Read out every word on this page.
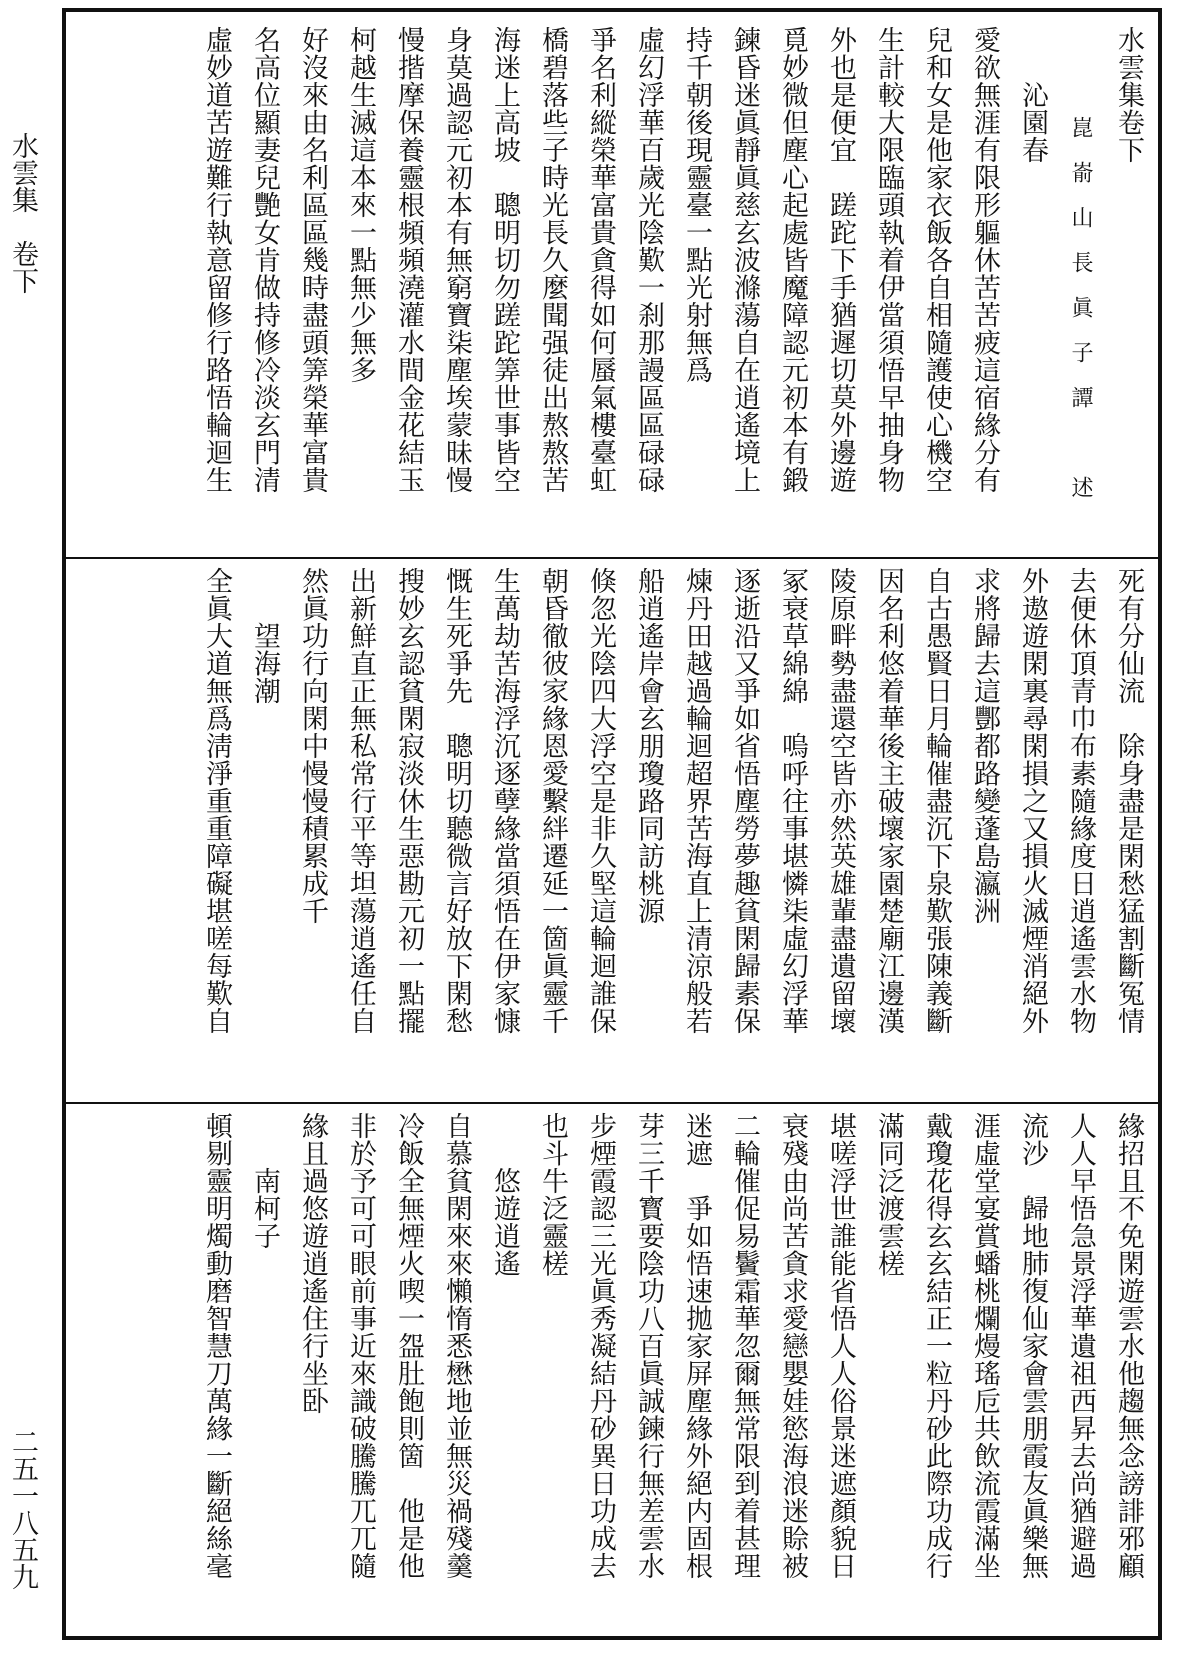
水雲集　卷下
二五一八五九
水雲集卷下
　　　　崑　嵛　山　長　眞　子　譚　　　述
　　沁園春
愛欲無涯有限形軀休苦苦疲這宿緣分有
兒和女是他家衣飯各自相隨護使心機空
生計較大限臨頭執着伊當須悟早抽身物
外也是便宜　蹉跎下手猶遲切莫外邊遊
覓妙微但塵心起處皆魔障認元初本有鍛
鍊昏迷眞靜眞慈玄波滌蕩自在逍遙境上
持千朝後現靈臺一點光射無爲
虛幻浮華百歲光陰歎一刹那謾區區碌碌
爭名利縱榮華富貴貪得如何蜃氣樓臺虹
橋碧落些子時光長久麼聞强徒出熬熬苦
海迷上高坡　聰明切勿蹉跎筭世事皆空
身莫過認元初本有無窮寶柒塵埃蒙昧慢
慢揩摩保養靈根頻頻澆灌水間金花結玉
柯越生滅這本來一點無少無多
好沒來由名利區區幾時盡頭筭榮華富貴
名高位顯妻兒艷女肯做持修冷淡玄門清
虛妙道苦遊難行執意留修行路悟輪迴生
死有分仙流　除身盡是閑愁猛割斷冤情
去便休頂青巾布素隨緣度日逍遙雲水物
外遨遊閑裏尋閑損之又損火滅煙消絕外
求將歸去這酆都路變蓬島瀛洲
自古愚賢日月輪催盡沉下泉歎張陳義斷
因名利悠着華後主破壞家園楚廟江邊漢
陵原畔勢盡還空皆亦然英雄輩盡遺留壞
冢衰草綿綿　嗚呼往事堪憐柒虛幻浮華
逐逝沿又爭如省悟塵勞夢趣貧閑歸素保
煉丹田越過輪迴超界苦海直上清涼般若
船逍遙岸會玄朋瓊路同訪桃源
倏忽光陰四大浮空是非久堅這輪迴誰保
朝昏徹彼家緣恩愛繫絆遷延一箇眞靈千
生萬劫苦海浮沉逐孽緣當須悟在伊家慷
慨生死爭先　聰明切聽微言好放下閑愁
搜妙玄認貧閑寂淡休生惡勘元初一點擺
出新鮮直正無私常行平等坦蕩逍遙任自
然眞功行向閑中慢慢積累成千
　　望海潮
全眞大道無爲淸淨重重障礙堪嗟每歎自
緣招且不免閑遊雲水他趨無念謗誹邪顧
人人早悟急景浮華遺祖西昇去尚猶避過
流沙　歸地肺復仙家會雲朋霞友眞樂無
涯虛堂宴賞蟠桃爛熳瑤卮共飲流霞滿坐
戴瓊花得玄玄結正一粒丹砂此際功成行
滿同泛渡雲槎
堪嗟浮世誰能省悟人人俗景迷遮顏貌日
衰殘由尚苦貪求愛戀嬰娃慾海浪迷賒被
二輪催促易鬢霜華忽爾無常限到着甚理
迷遮　爭如悟速拋家屏塵緣外絕内固根
芽三千寳要陰功八百眞誠鍊行無差雲水
步煙霞認三光眞秀凝結丹砂異日功成去
也斗牛泛靈槎
　　悠遊逍遙
自慕貧閑來來懶惰悉懋地並無災禍殘羹
冷飯全無煙火喫一盌肚飽則箇　他是他
非於予可可眼前事近來識破騰騰兀兀隨
緣且過悠遊逍遙住行坐卧
　　南柯子
頓剔靈明燭動磨智慧刀萬緣一斷絕絲毫
